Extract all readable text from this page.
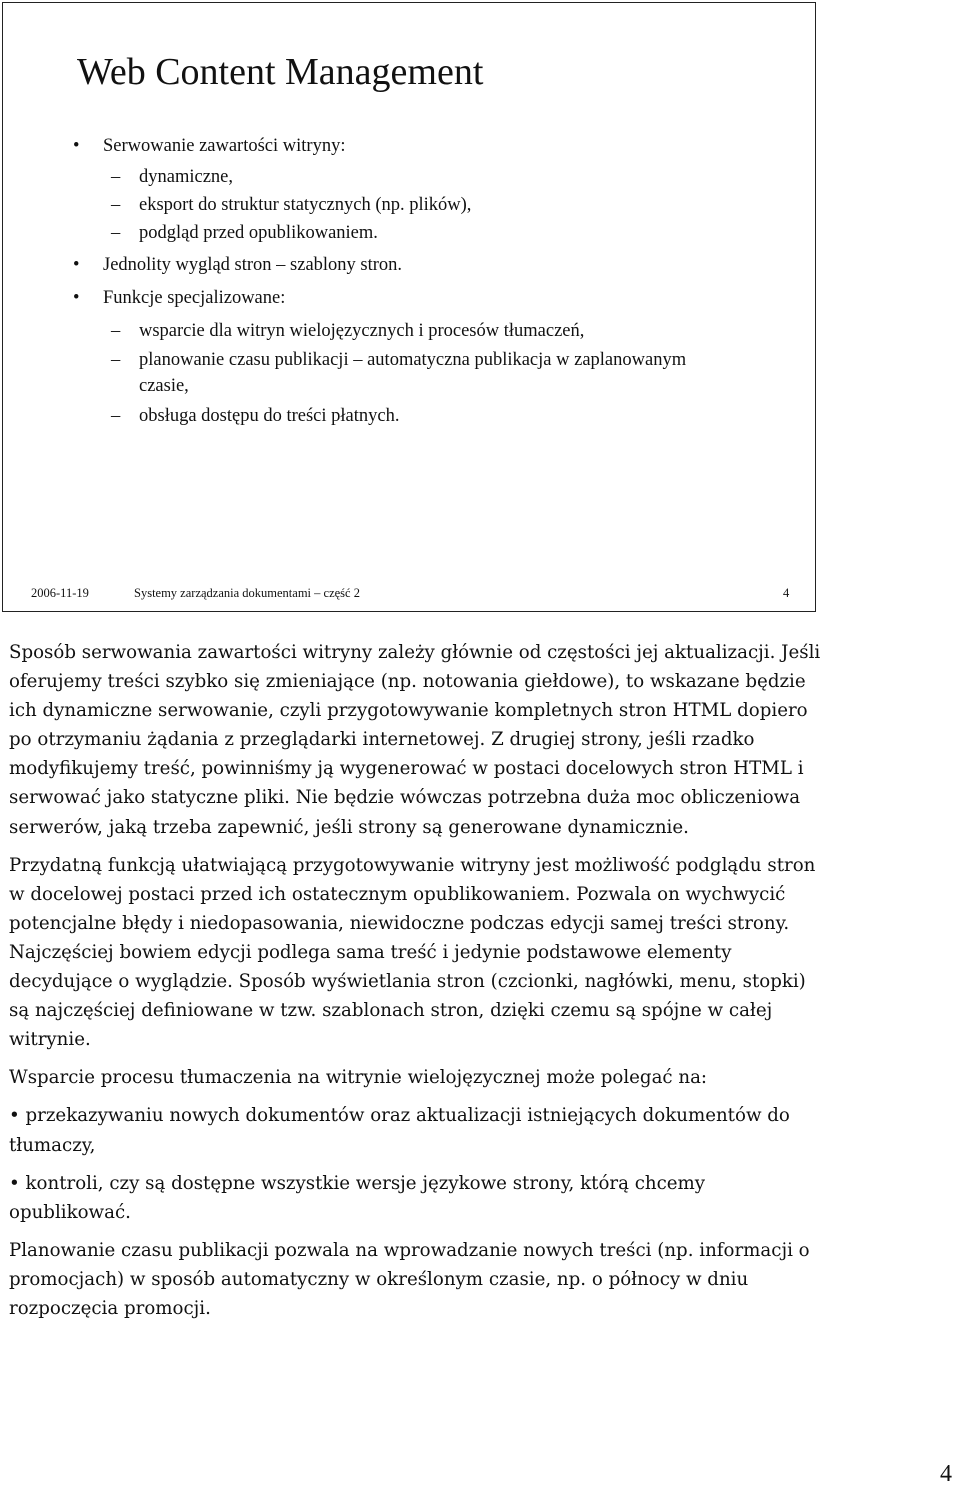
Web Content Management
• Serwowanie zawartości witryny:
– dynamiczne,
– eksport do struktur statycznych (np. plików),
– podgląd przed opublikowaniem.
• Jednolity wygląd stron – szablony stron.
• Funkcje specjalizowane:
– wsparcie dla witryn wielojęzycznych i procesów tłumaczeń,
– planowanie czasu publikacji – automatyczna publikacja w zaplanowanym
czasie,
– obsługa dostępu do treści płatnych.
2006-11-19	Systemy zarządzania dokumentami – część 2	4

Sposób serwowania zawartości witryny zależy głównie od częstości jej aktualizacji. Jeśli oferujemy treści szybko się zmieniające (np. notowania giełdowe), to wskazane będzie ich dynamiczne serwowanie, czyli przygotowywanie kompletnych stron HTML dopiero po otrzymaniu żądania z przeglądarki internetowej. Z drugiej strony, jeśli rzadko modyfikujemy treść, powinniśmy ją wygenerować w postaci docelowych stron HTML i serwować jako statyczne pliki. Nie będzie wówczas potrzebna duża moc obliczeniowa serwerów, jaką trzeba zapewnić, jeśli strony są generowane dynamicznie.

Przydatną funkcją ułatwiającą przygotowywanie witryny jest możliwość podglądu stron w docelowej postaci przed ich ostatecznym opublikowaniem. Pozwala on wychwycić potencjalne błędy i niedopasowania, niewidoczne podczas edycji samej treści strony. Najczęściej bowiem edycji podlega sama treść i jedynie podstawowe elementy decydujące o wyglądzie. Sposób wyświetlania stron (czcionki, nagłówki, menu, stopki) są najczęściej definiowane w tzw. szablonach stron, dzięki czemu są spójne w całej witrynie.

Wsparcie procesu tłumaczenia na witrynie wielojęzycznej może polegać na:

• przekazywaniu nowych dokumentów oraz aktualizacji istniejących dokumentów do tłumaczy,

• kontroli, czy są dostępne wszystkie wersje językowe strony, którą chcemy opublikować.

Planowanie czasu publikacji pozwala na wprowadzanie nowych treści (np. informacji o promocjach) w sposób automatyczny w określonym czasie, np. o północy w dniu rozpoczęcia promocji.

4
